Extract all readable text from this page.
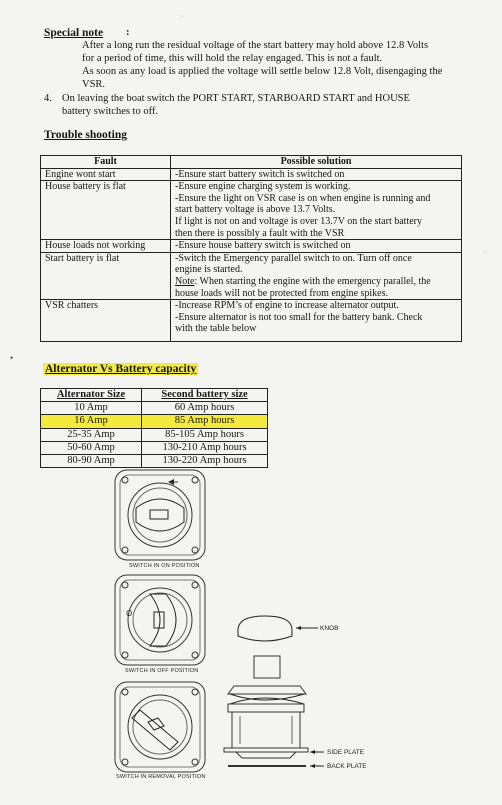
Special note :

After a long run the residual voltage of the start battery may hold above 12.8 Volts

for a period of time, this will hold the relay engaged. This is not a fault.

As soon as any load is applied the voltage will settle below 12.8 Volt, disengaging the

VSR.

4. On leaving the boat switch the PORT START, STARBOARD START and HOUSE

battery switches to off.

Trouble shooting
Fault	Possible solution
Engine wont start	-Ensure start battery switch is switched on

House battery is flat	-Ensure engine charging system is working.
-Ensure the light on VSR case is on when engine is running and
start battery voltage is above 13.7 Volts.
If light is not on and voltage is over 13.7V on the start battery
then there is possibly a fault with the VSR

House loads not working	-Ensure house battery switch is switched on

Start battery is flat	-Switch the Emergency parallel switch to on. Turn off once
engine is started.
Note: When starting the engine with the emergency parallel, the
house loads will not be protected from engine spikes.

VSR chatters	-Increase RPM’s of engine to increase alternator output.
-Ensure alternator is not too small for the battery bank. Check
with the table below
•
·
·
Alternator Vs Battery capacity
Alternator Size	Second battery size
10 Amp	60 Amp hours
16 Amp	85 Amp hours
25-35 Amp	85-105 Amp hours
50-60 Amp	130-210 Amp hours
80-90 Amp	130-220 Amp hours
O
SWITCH IN ON POSITION
SWITCH IN OFF POSITION
SWITCH IN REMOVAL POSITION
KNOB
SIDE PLATE
BACK PLATE
